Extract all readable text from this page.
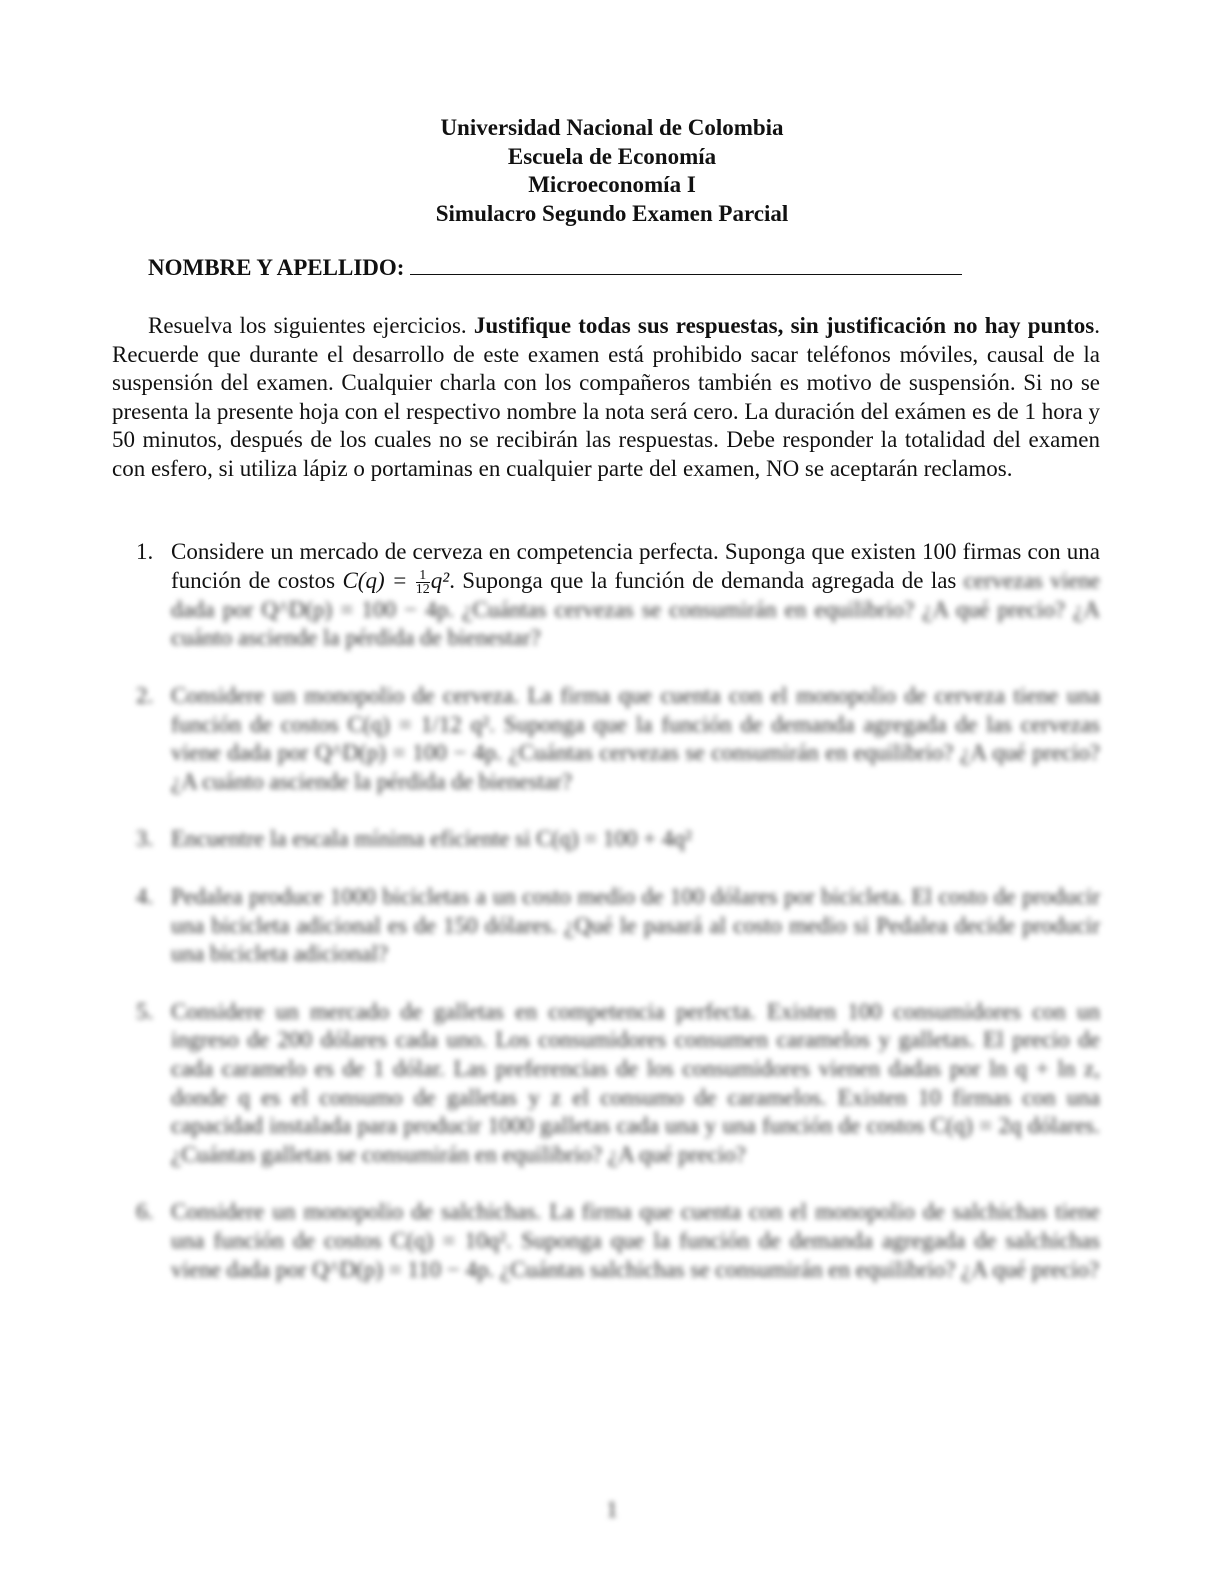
Universidad Nacional de Colombia
Escuela de Economía
Microeconomía I
Simulacro Segundo Examen Parcial
NOMBRE Y APELLIDO:

Resuelva los siguientes ejercicios. Justifique todas sus respuestas, sin justificación no hay puntos. Recuerde que durante el desarrollo de este examen está prohibido sacar teléfonos móviles, causal de la suspensión del examen. Cualquier charla con los compañeros también es motivo de suspensión. Si no se presenta la presente hoja con el respectivo nombre la nota será cero. La duración del exámen es de 1 hora y 50 minutos, después de los cuales no se recibirán las respuestas. Debe responder la totalidad del examen con esfero, si utiliza lápiz o portaminas en cualquier parte del examen, NO se aceptarán reclamos.

1. Considere un mercado de cerveza en competencia perfecta. Suponga que existen 100 firmas con una función de costos $C(q) = \frac{1}{12} q^2$. Suponga que la función de demanda agregada de las cervezas viene dada por Q^D(p) = 100 − 4p. ¿Cuántas cervezas se consumirán en equilibrio? ¿A qué precio? ¿A cuánto asciende la pérdida de bienestar?
2. Considere un monopolio de cerveza. La firma que cuenta con el monopolio de cerveza tiene una función de costos C(q) = 1/12 q². Suponga que la función de demanda agregada de las cervezas viene dada por Q^D(p) = 100 − 4p. ¿Cuántas cervezas se consumirán en equilibrio? ¿A qué precio? ¿A cuánto asciende la pérdida de bienestar?
3. Encuentre la escala mínima eficiente si C(q) = 100 + 4q²
4. Pedalea produce 1000 bicicletas a un costo medio de 100 dólares por bicicleta. El costo de producir una bicicleta adicional es de 150 dólares. ¿Qué le pasará al costo medio si Pedalea decide producir una bicicleta adicional?
5. Considere un mercado de galletas en competencia perfecta. Existen 100 consumidores con un ingreso de 200 dólares cada uno. Los consumidores consumen caramelos y galletas. El precio de cada caramelo es de 1 dólar. Las preferencias de los consumidores vienen dadas por ln q + ln z, donde q es el consumo de galletas y z el consumo de caramelos. Existen 10 firmas con una capacidad instalada para producir 1000 galletas cada una y una función de costos C(q) = 2q dólares. ¿Cuántas galletas se consumirán en equilibrio? ¿A qué precio?
6. Considere un monopolio de salchichas. La firma que cuenta con el monopolio de salchichas tiene una función de costos C(q) = 10q². Suponga que la función de demanda agregada de salchichas viene dada por Q^D(p) = 110 − 4p. ¿Cuántas salchichas se consumirán en equilibrio? ¿A qué precio?
1
